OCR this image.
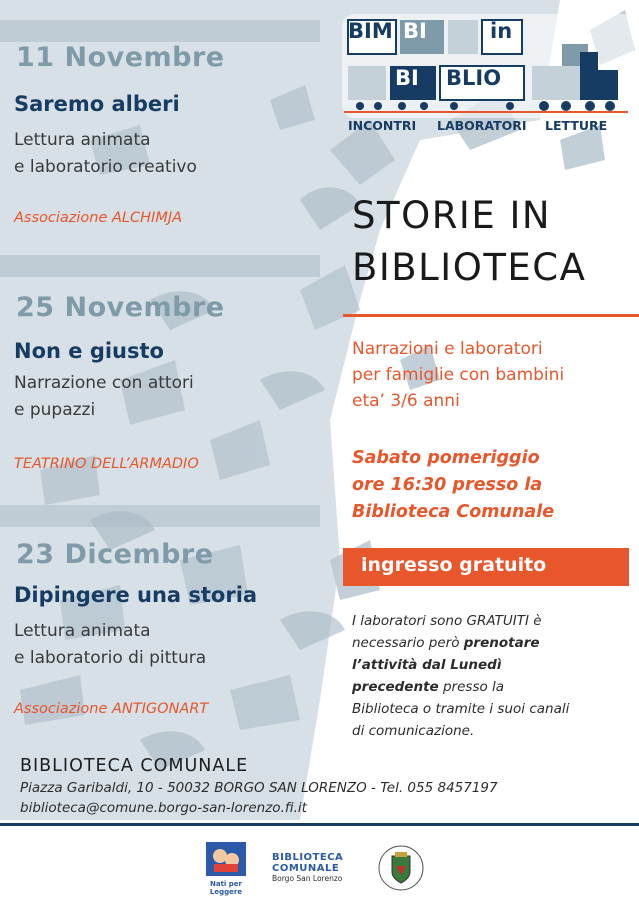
11 Novembre
Saremo alberi
Lettura animata
e laboratorio creativo
Associazione ALCHIMJA
25 Novembre
Non e giusto
Narrazione con attori
e pupazzi
TEATRINO DELL’ARMADIO
23 Dicembre
Dipingere una storia
Lettura animata
e laboratorio di pittura
Associazione ANTIGONART
BIM BI	in
BI BLIO
INCONTRI LABORATORI LETTURE
STORIE IN
BIBLIOTECA
Narrazioni e laboratori
per famiglie con bambini
eta’ 3/6 anni
Sabato pomeriggio
ore 16:30 presso la
Biblioteca Comunale
ingresso gratuito
I laboratori sono GRATUITI è
necessario però prenotare
l’attività dal Lunedì
precedente presso la
Biblioteca o tramite i suoi canali
di comunicazione.
BIBLIOTECA COMUNALE
Piazza Garibaldi, 10 - 50032 BORGO SAN LORENZO - Tel. 055 8457197
biblioteca@comune.borgo-san-lorenzo.fi.it
Nati per
Leggere
BIBLIOTECA
COMUNALE
Borgo San Lorenzo
